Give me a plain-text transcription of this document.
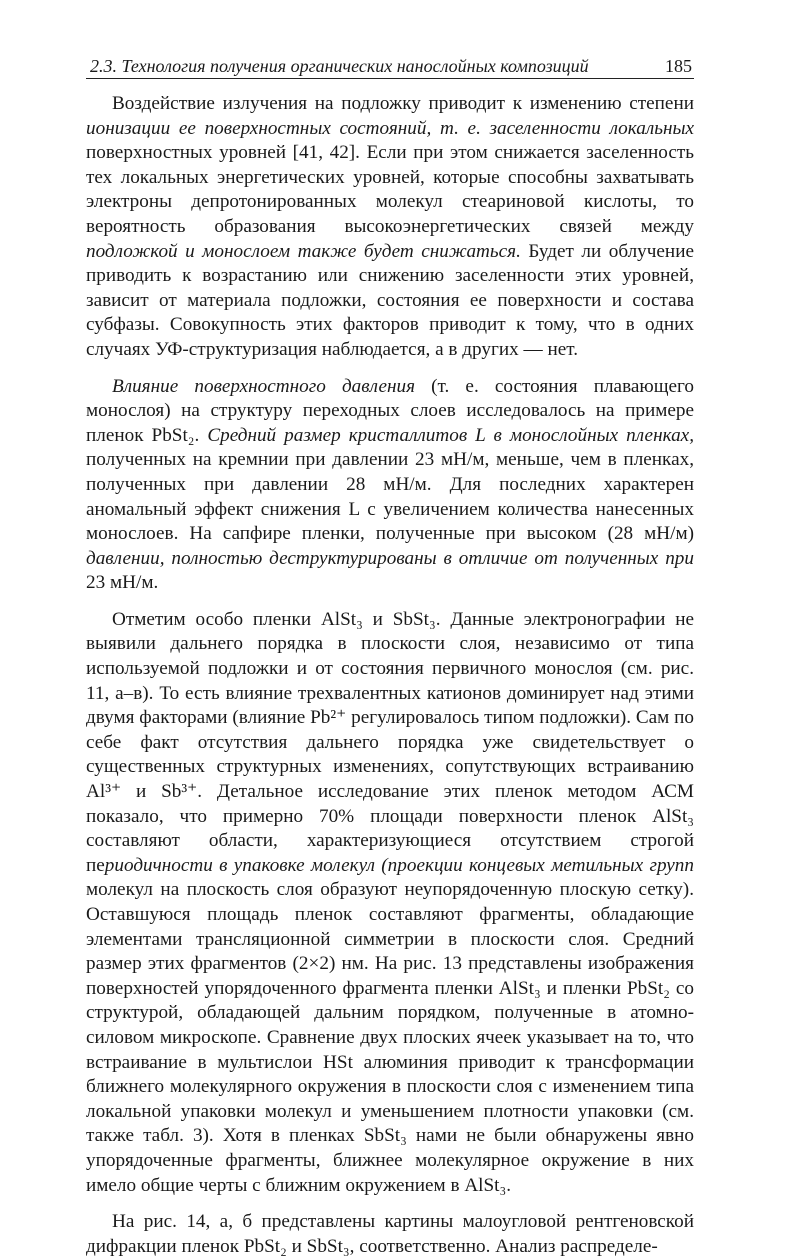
2.3. Технология получения органических нанослойных композиций	185

Воздействие излучения на подложку приводит к изменению степени ионизации ее поверхностных состояний, т. е. заселенности локальных поверхностных уровней [41, 42]. Если при этом снижается заселенность тех локальных энергетических уровней, которые способны захватывать электроны депротонированных молекул стеариновой кислоты, то вероятность образования высокоэнергетических связей между подложкой и монослоем также будет снижаться. Будет ли облучение приводить к возрастанию или снижению заселенности этих уровней, зависит от материала подложки, состояния ее поверхности и состава субфазы. Совокупность этих факторов приводит к тому, что в одних случаях УФ-структуризация наблюдается, а в других — нет.

Влияние поверхностного давления (т. е. состояния плавающего монослоя) на структуру переходных слоев исследовалось на примере пленок PbSt₂. Средний размер кристаллитов L в монослойных пленках, полученных на кремнии при давлении 23 мН/м, меньше, чем в пленках, полученных при давлении 28 мН/м. Для последних характерен аномальный эффект снижения L с увеличением количества нанесенных монослоев. На сапфире пленки, полученные при высоком (28 мН/м) давлении, полностью деструктурированы в отличие от полученных при 23 мН/м.

Отметим особо пленки AlSt₃ и SbSt₃. Данные электронографии не выявили дальнего порядка в плоскости слоя, независимо от типа используемой подложки и от состояния первичного монослоя (см. рис. 11, а–в). То есть влияние трехвалентных катионов доминирует над этими двумя факторами (влияние Pb²⁺ регулировалось типом подложки). Сам по себе факт отсутствия дальнего порядка уже свидетельствует о существенных структурных изменениях, сопутствующих встраиванию Al³⁺ и Sb³⁺. Детальное исследование этих пленок методом АСМ показало, что примерно 70% площади поверхности пленок AlSt₃ составляют области, характеризующиеся отсутствием строгой периодичности в упаковке молекул (проекции концевых метильных групп молекул на плоскость слоя образуют неупорядоченную плоскую сетку). Оставшуюся площадь пленок составляют фрагменты, обладающие элементами трансляционной симметрии в плоскости слоя. Средний размер этих фрагментов (2×2) нм. На рис. 13 представлены изображения поверхностей упорядоченного фрагмента пленки AlSt₃ и пленки PbSt₂ со структурой, обладающей дальним порядком, полученные в атомно-силовом микроскопе. Сравнение двух плоских ячеек указывает на то, что встраивание в мультислои HSt алюминия приводит к трансформации ближнего молекулярного окружения в плоскости слоя с изменением типа локальной упаковки молекул и уменьшением плотности упаковки (см. также табл. 3). Хотя в пленках SbSt₃ нами не были обнаружены явно упорядоченные фрагменты, ближнее молекулярное окружение в них имело общие черты с ближним окружением в AlSt₃.

На рис. 14, а, б представлены картины малоугловой рентгеновской дифракции пленок PbSt₂ и SbSt₃, соответственно. Анализ распределе-
